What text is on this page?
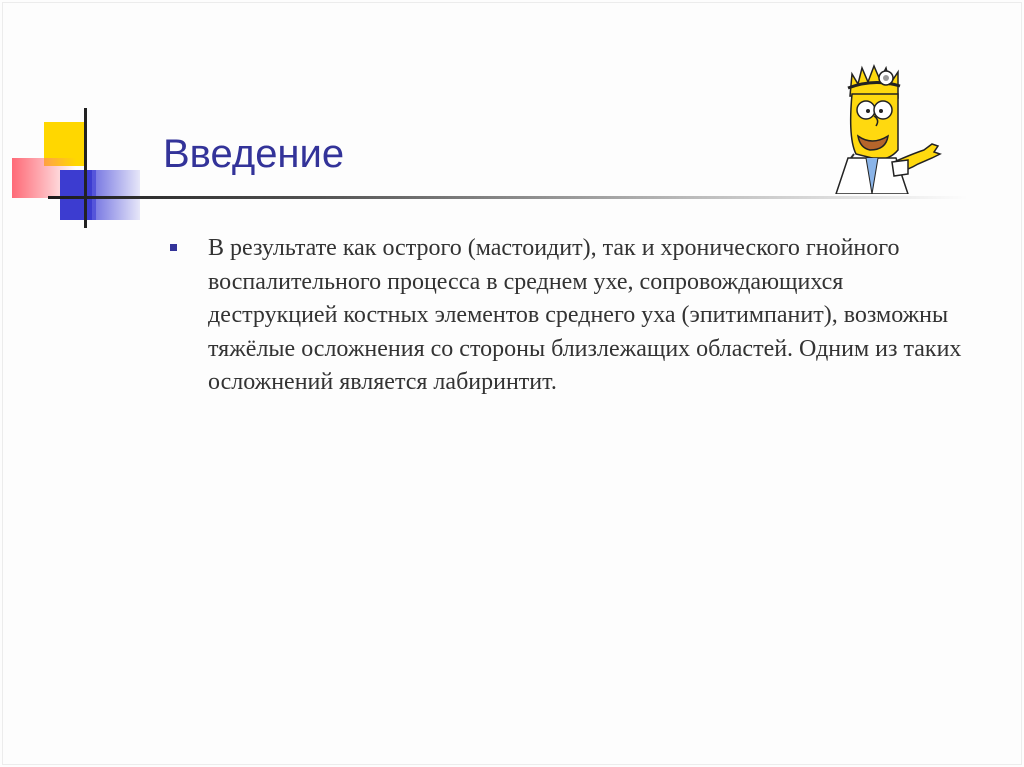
Введение
В результате как острого (мастоидит), так и хронического гнойного воспалительного процесса в среднем ухе, сопровождающихся деструкцией костных элементов среднего уха (эпитимпанит), возможны тяжёлые осложнения со стороны близлежащих областей. Одним из таких осложнений является лабиринтит.
